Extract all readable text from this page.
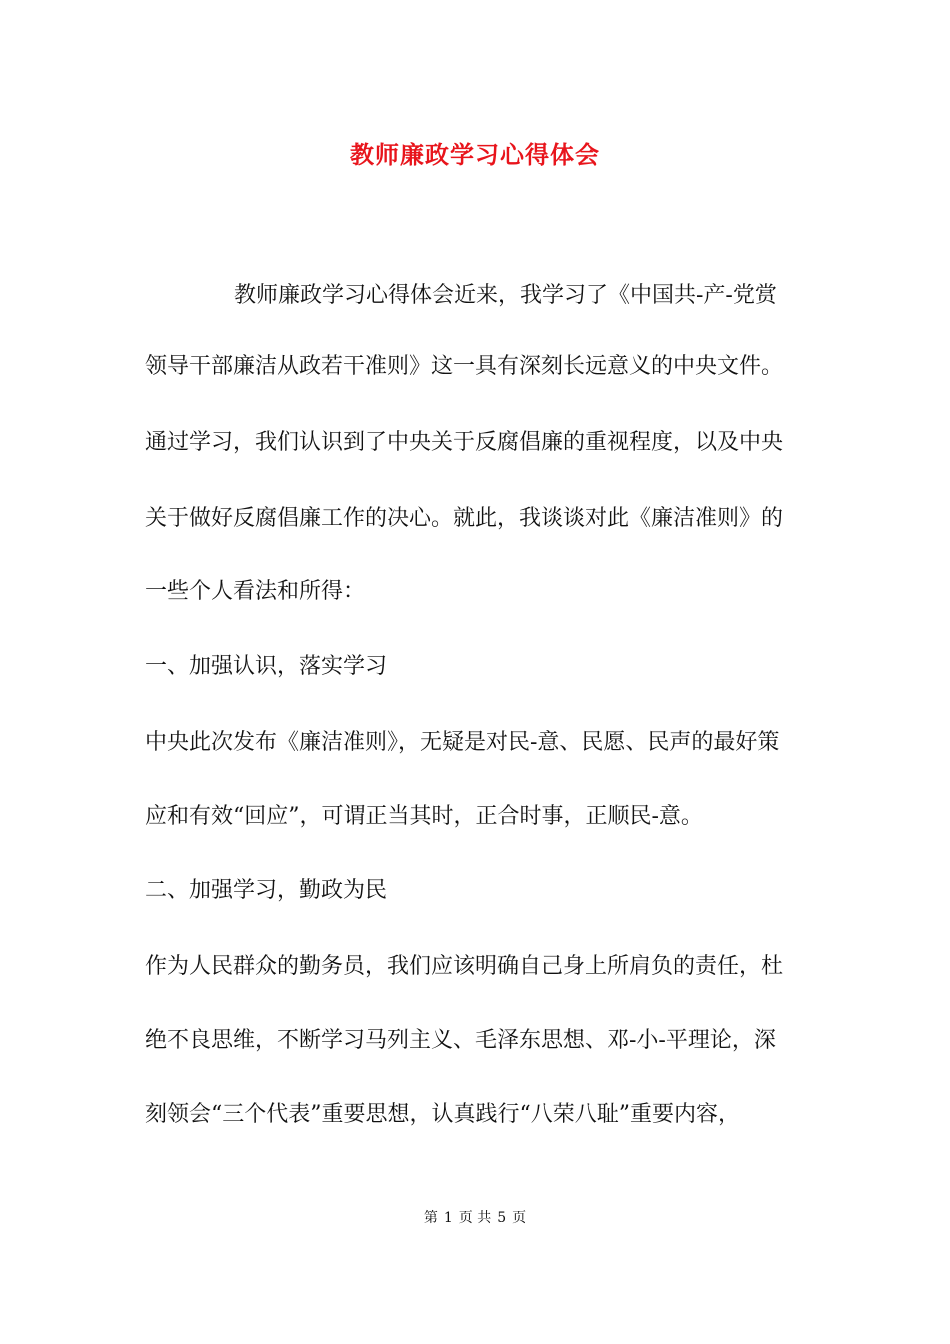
教师廉政学习心得体会
教师廉政学习心得体会近来，我学习了《中国共-产-党赏
领导干部廉洁从政若干准则》这一具有深刻长远意义的中央文件。
通过学习，我们认识到了中央关于反腐倡廉的重视程度，以及中央
关于做好反腐倡廉工作的决心。就此，我谈谈对此《廉洁准则》的
一些个人看法和所得：
一、加强认识，落实学习
中央此次发布《廉洁准则》，无疑是对民-意、民愿、民声的最好策
应和有效“回应”，可谓正当其时，正合时事，正顺民-意。
二、加强学习，勤政为民
作为人民群众的勤务员，我们应该明确自己身上所肩负的责任，杜
绝不良思维，不断学习马列主义、毛泽东思想、邓-小-平理论，深
刻领会“三个代表”重要思想，认真践行“八荣八耻”重要内容，
第 1 页 共 5 页
